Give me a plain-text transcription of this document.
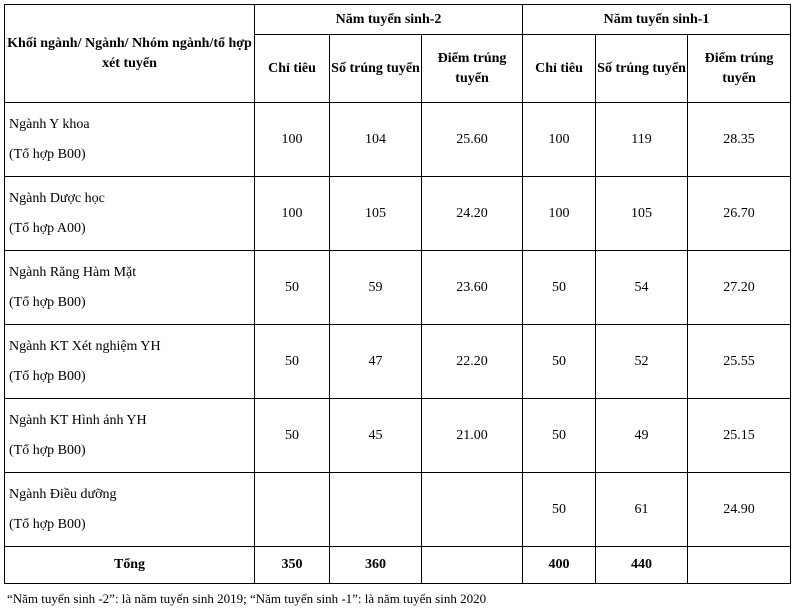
Khối ngành/ Ngành/ Nhóm ngành/tổ hợp xét tuyển	Năm tuyển sinh-2			Năm tuyển sinh-1		
	Chỉ tiêu	Số trúng tuyển	Điểm trúng tuyển	Chỉ tiêu	Số trúng tuyển	Điểm trúng tuyển

Ngành Y khoa
(Tổ hợp B00)	100	104	25.60	100	119	28.35

Ngành Dược học
(Tổ hợp A00)	100	105	24.20	100	105	26.70

Ngành Răng Hàm Mặt
(Tổ hợp B00)	50	59	23.60	50	54	27.20

Ngành KT Xét nghiệm YH
(Tổ hợp B00)	50	47	22.20	50	52	25.55

Ngành KT Hình ảnh YH
(Tổ hợp B00)	50	45	21.00	50	49	25.15

Ngành Điều dưỡng
(Tổ hợp B00)				50	61	24.90
Tổng	350	360		400	440	
“Năm tuyển sinh -2”: là năm tuyển sinh 2019; “Năm tuyển sinh -1”: là năm tuyển sinh 2020
